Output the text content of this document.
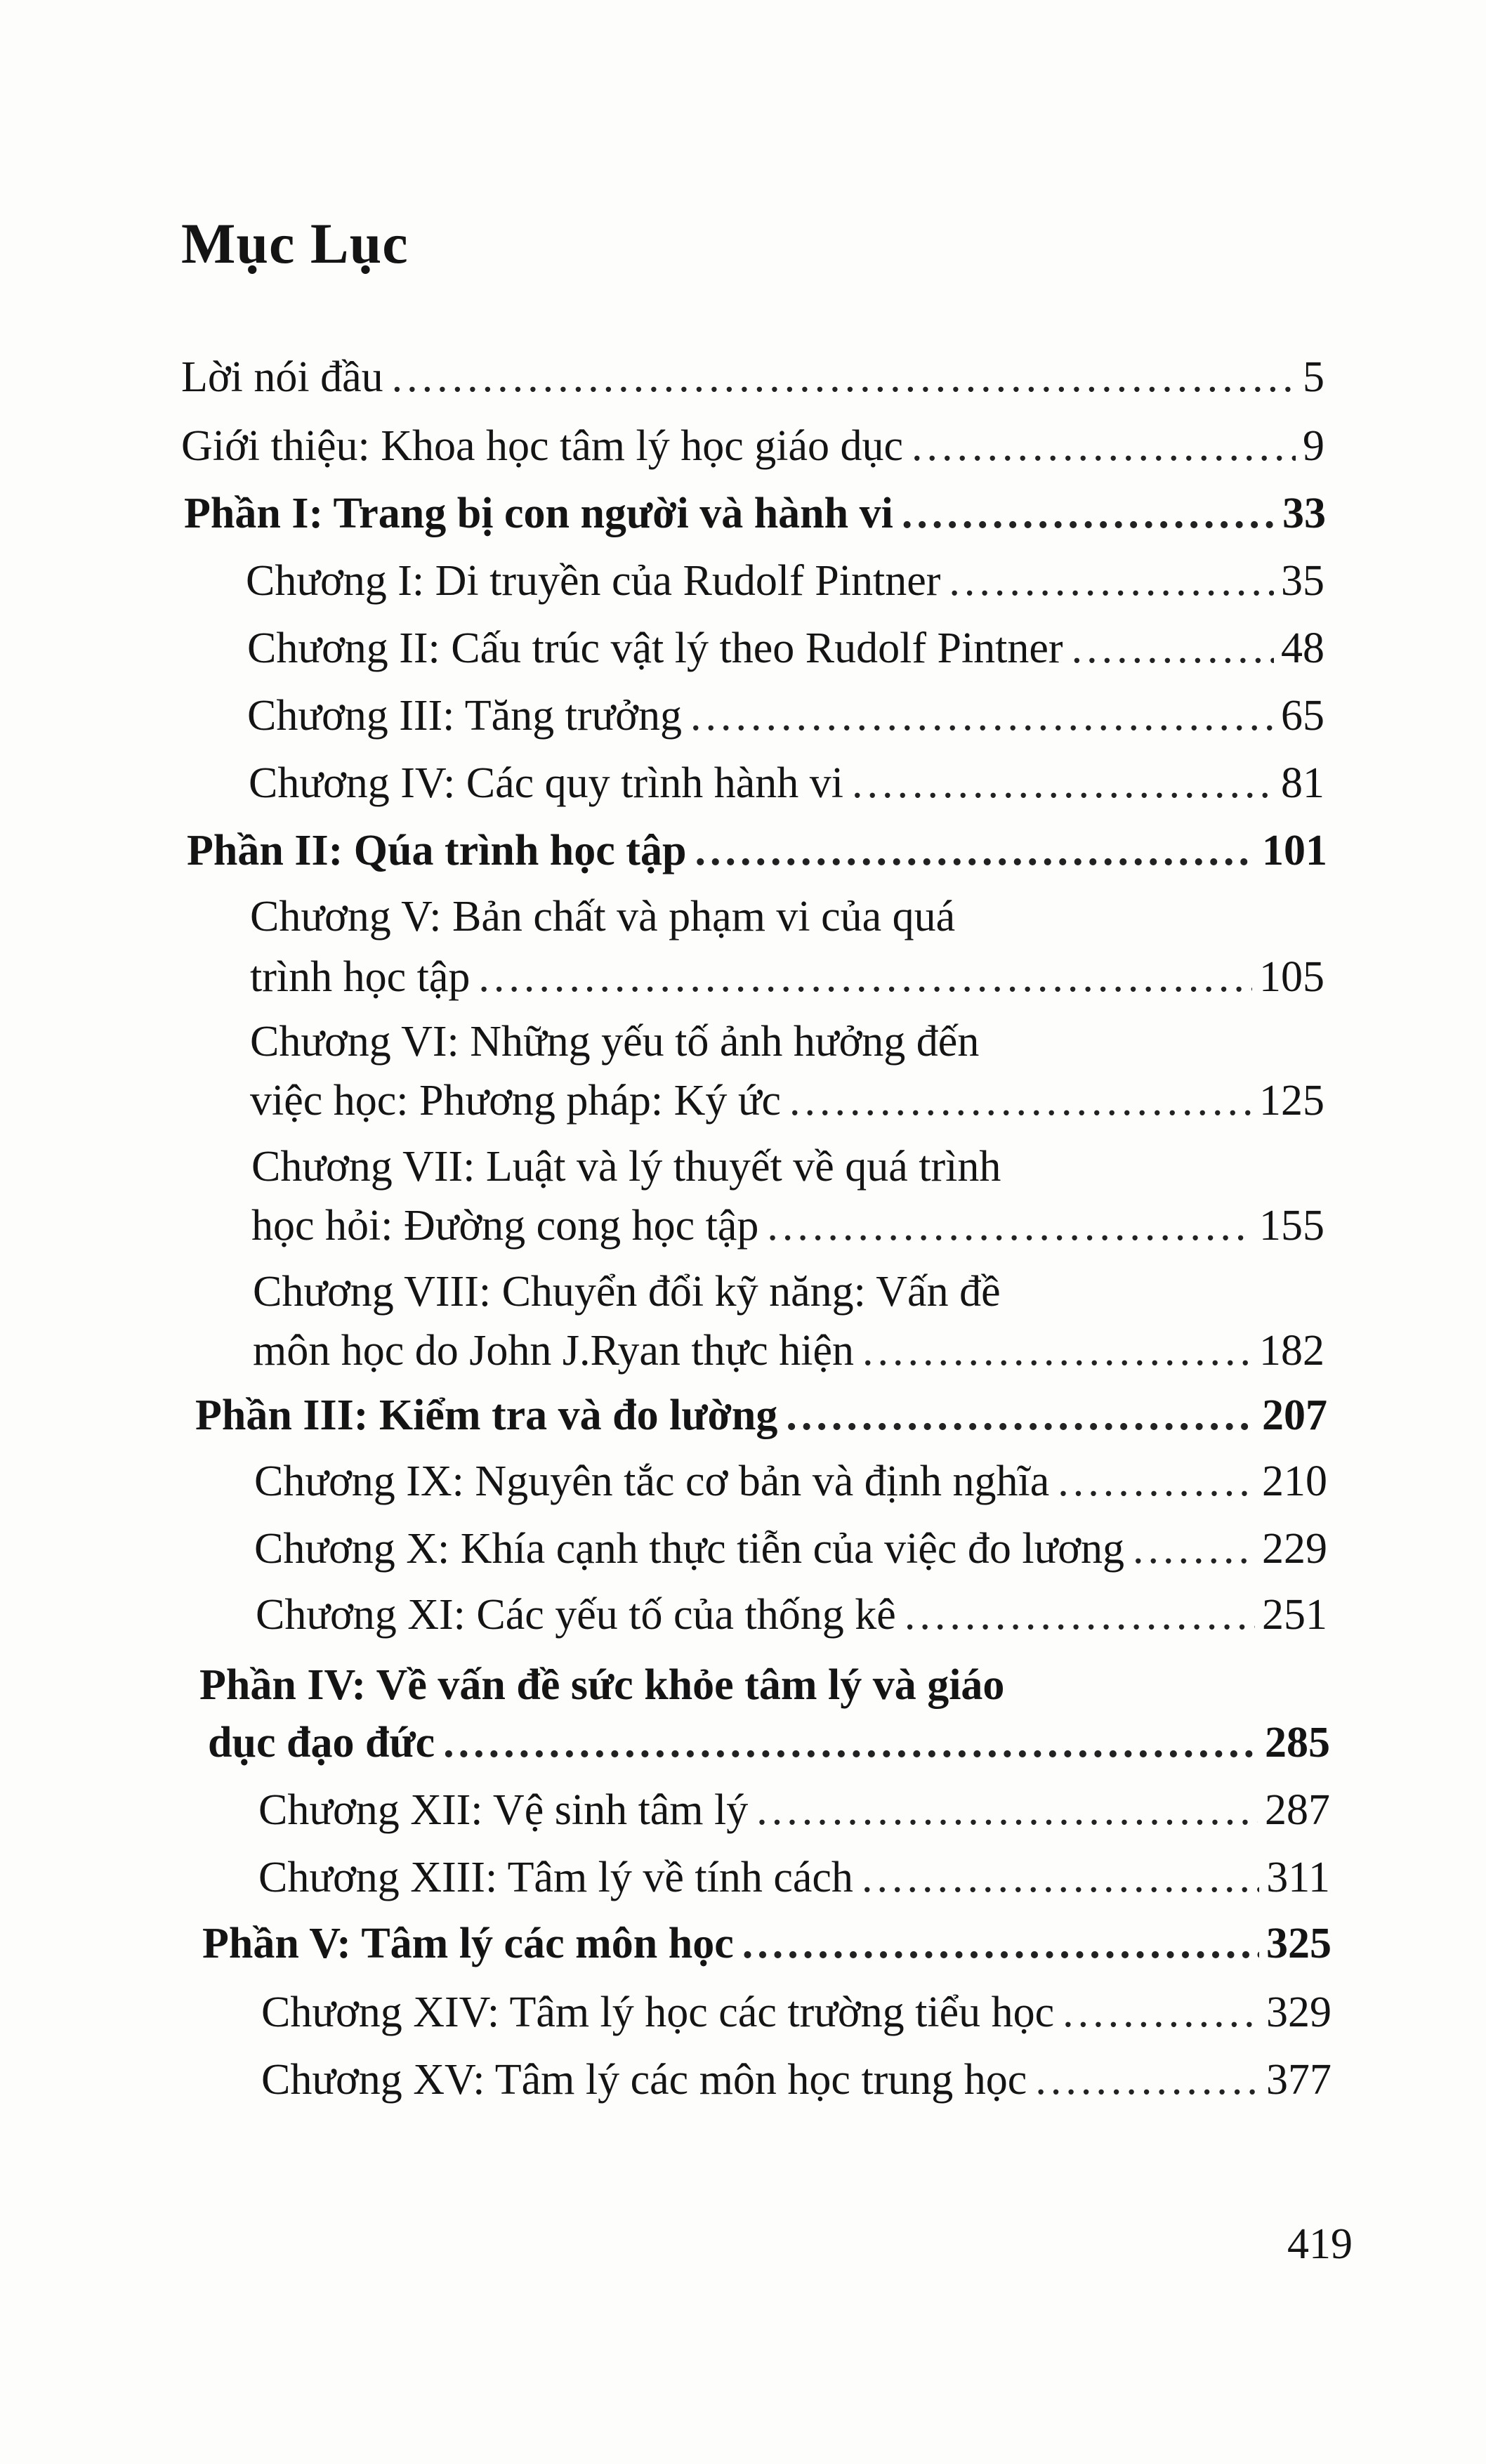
Mục Lục
Lời nói đầu .....	5
Giới thiệu: Khoa học tâm lý học giáo dục .....	9
Phần I: Trang bị con người và hành vi .....	33
Chương I: Di truyền của Rudolf Pintner .....	35
Chương II: Cấu trúc vật lý theo Rudolf Pintner .....	48
Chương III: Tăng trưởng .....	65
Chương IV: Các quy trình hành vi .....	81
Phần II: Qúa trình học tập .....	101
Chương V: Bản chất và phạm vi của quá
trình học tập .....	105
Chương VI: Những yếu tố ảnh hưởng đến
việc học: Phương pháp: Ký ức .....	125
Chương VII: Luật và lý thuyết về quá trình
học hỏi: Đường cong học tập .....	155
Chương VIII: Chuyển đổi kỹ năng: Vấn đề
môn học do John J.Ryan thực hiện .....	182
Phần III: Kiểm tra và đo lường .....	207
Chương IX: Nguyên tắc cơ bản và định nghĩa .....	210
Chương X: Khía cạnh thực tiễn của việc đo lương .....	229
Chương XI: Các yếu tố của thống kê .....	251
Phần IV: Về vấn đề sức khỏe tâm lý và giáo
dục đạo đức .....	285
Chương XII: Vệ sinh tâm lý .....	287
Chương XIII: Tâm lý về tính cách .....	311
Phần V: Tâm lý các môn học .....	325
Chương XIV: Tâm lý học các trường tiểu học .....	329
Chương XV: Tâm lý các môn học trung học .....	377
419
